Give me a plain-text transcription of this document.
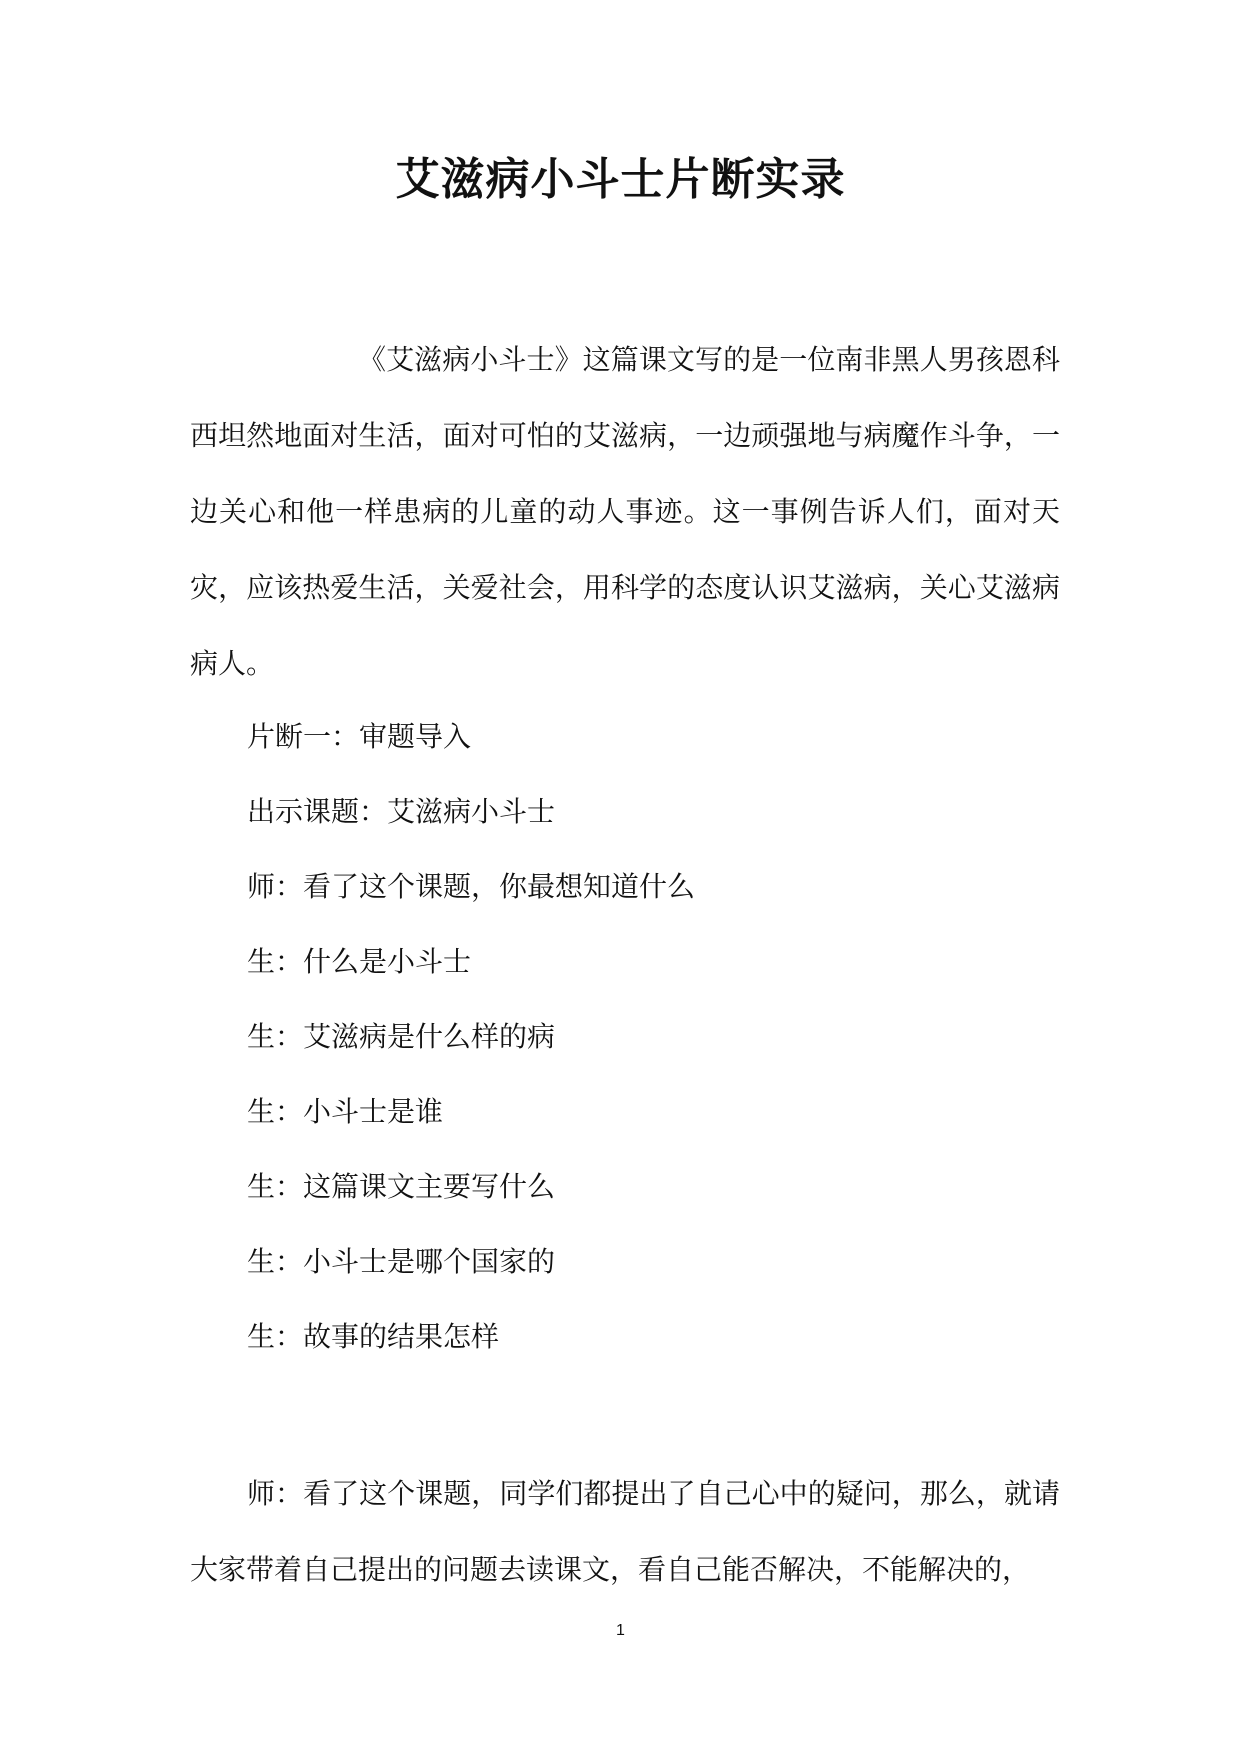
艾滋病小斗士片断实录

《艾滋病小斗士》这篇课文写的是一位南非黑人男孩恩科西坦然地面对生活，面对可怕的艾滋病，一边顽强地与病魔作斗争，一边关心和他一样患病的儿童的动人事迹。这一事例告诉人们，面对天灾，应该热爱生活，关爱社会，用科学的态度认识艾滋病，关心艾滋病病人。

片断一：审题导入
出示课题：艾滋病小斗士
师：看了这个课题，你最想知道什么
生：什么是小斗士
生：艾滋病是什么样的病
生：小斗士是谁
生：这篇课文主要写什么
生：小斗士是哪个国家的
生：故事的结果怎样

师：看了这个课题，同学们都提出了自己心中的疑问，那么，就请大家带着自己提出的问题去读课文，看自己能否解决，不能解决的，

1
